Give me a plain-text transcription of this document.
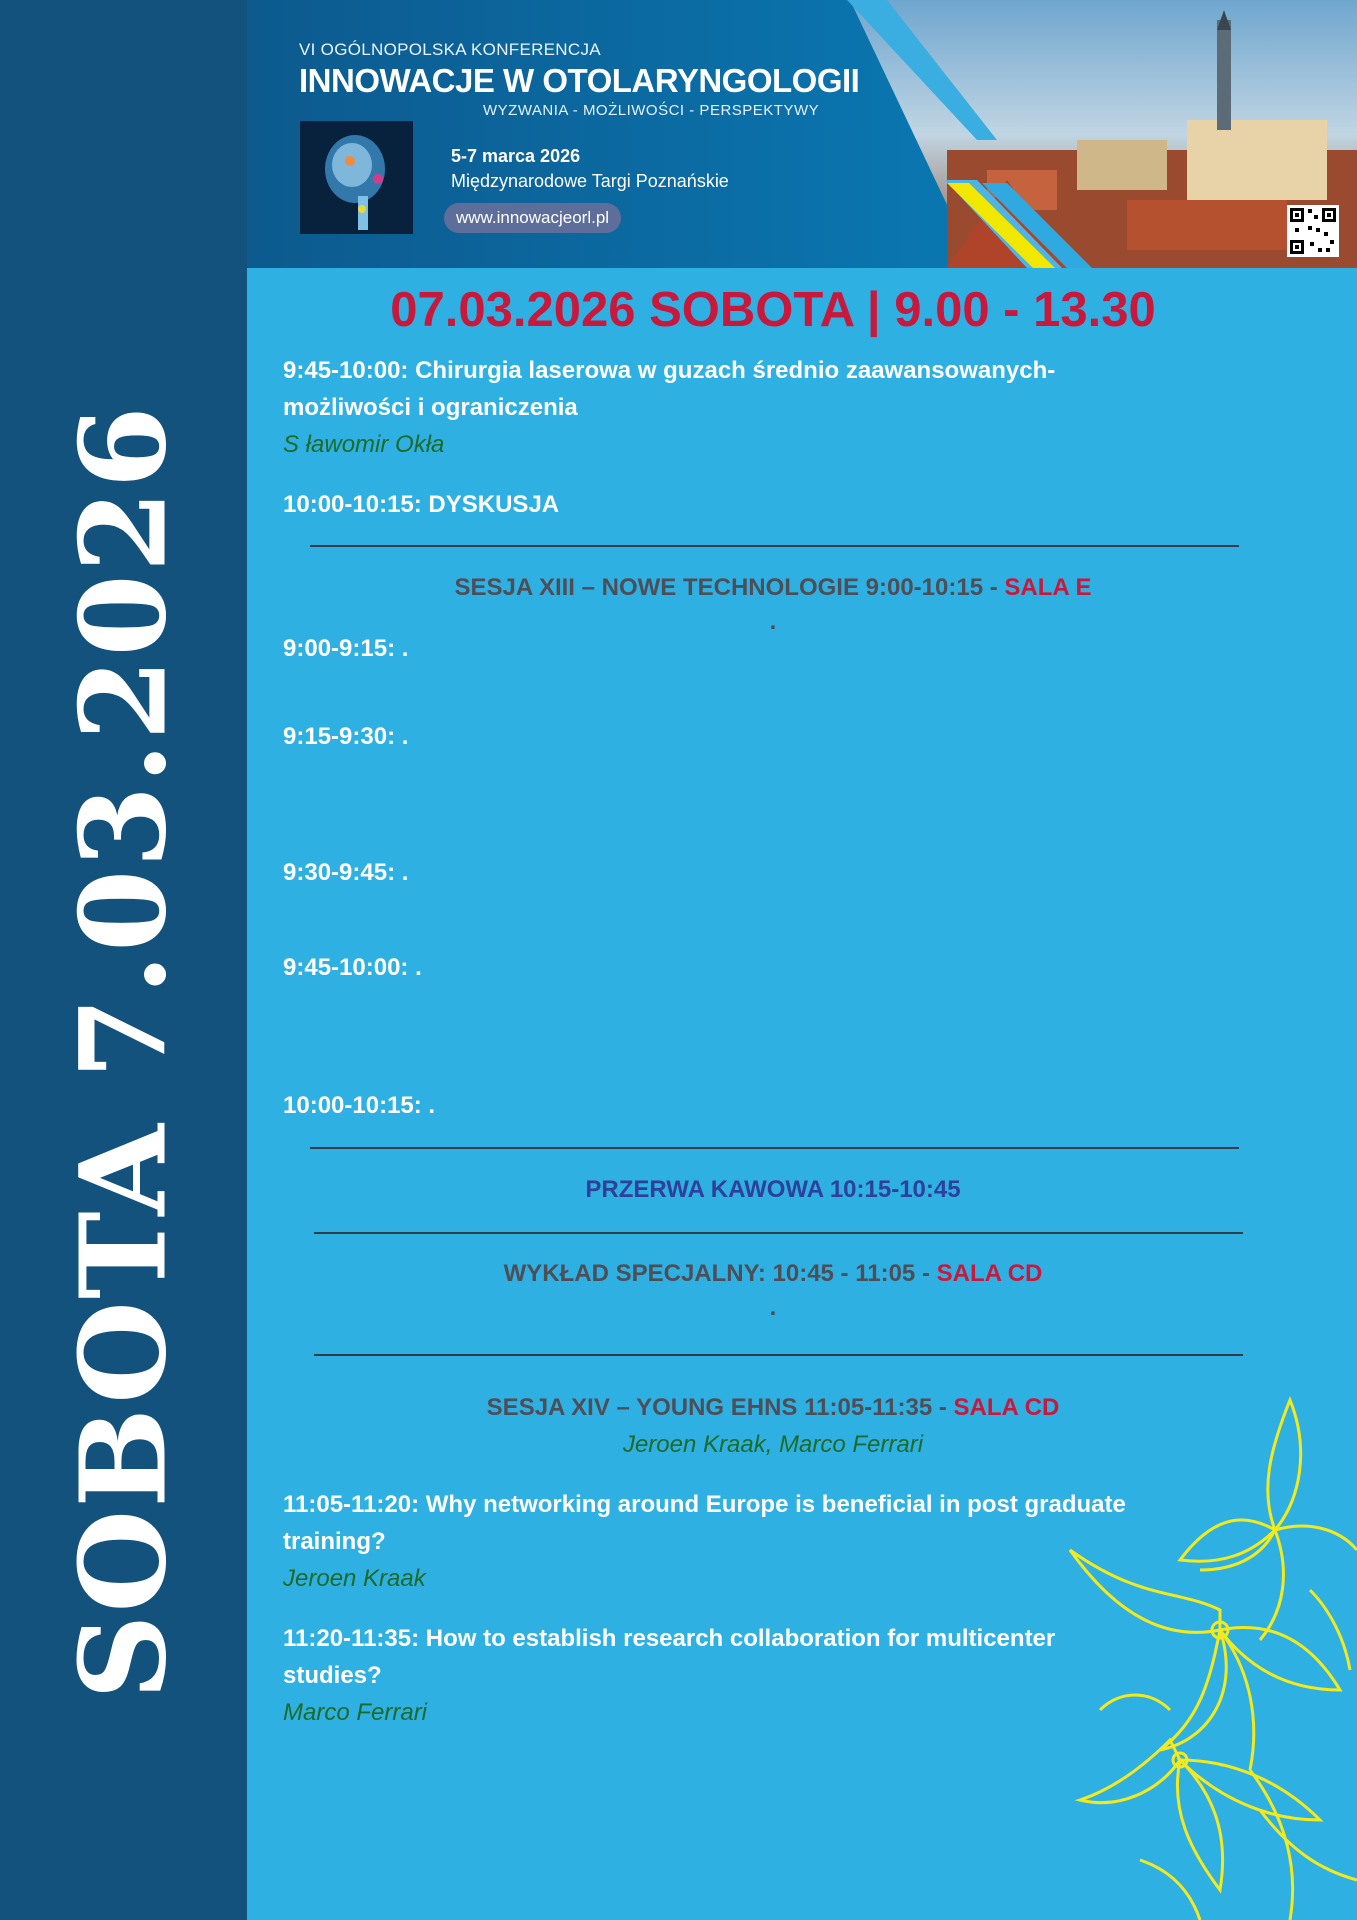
SOBOTA 7.03.2026
VI OGÓLNOPOLSKA KONFERENCJA
INNOWACJE W OTOLARYNGOLOGII
WYZWANIA - MOŻLIWOŚCI - PERSPEKTYWY
5-7 marca 2026
Międzynarodowe Targi Poznańskie
www.innowacjeorl.pl
07.03.2026 SOBOTA | 9.00 - 13.30
9:45-10:00: Chirurgia laserowa w guzach średnio zaawansowanych-
możliwości i ograniczenia
S ławomir Okła
10:00-10:15: DYSKUSJA
SESJA XIII – NOWE TECHNOLOGIE 9:00-10:15 - SALA E
.
9:00-9:15: .
9:15-9:30: .
9:30-9:45: .
9:45-10:00: .
10:00-10:15: .
PRZERWA KAWOWA 10:15-10:45
WYKŁAD SPECJALNY: 10:45 - 11:05 - SALA CD
.
SESJA XIV – YOUNG EHNS 11:05-11:35 - SALA CD
Jeroen Kraak, Marco Ferrari
11:05-11:20: Why networking around Europe is beneficial in post graduate
training?
Jeroen Kraak
11:20-11:35: How to establish research collaboration for multicenter
studies?
Marco Ferrari
